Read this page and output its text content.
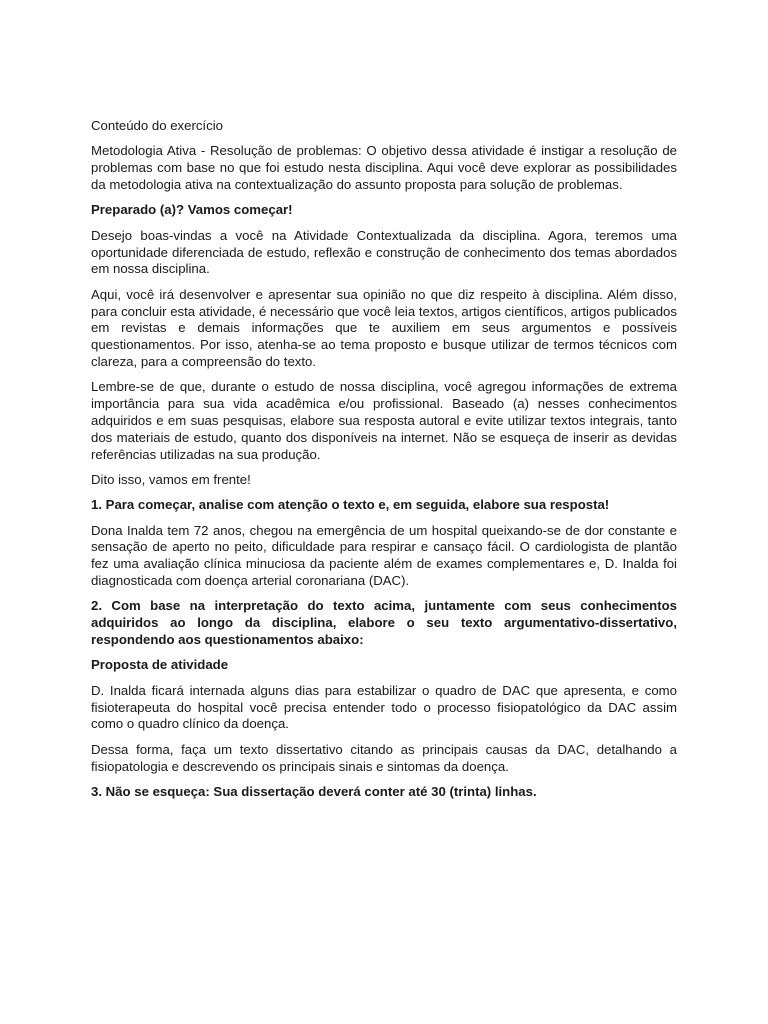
Conteúdo do exercício

Metodologia Ativa - Resolução de problemas: O objetivo dessa atividade é instigar a resolução de problemas com base no que foi estudo nesta disciplina. Aqui você deve explorar as possibilidades da metodologia ativa na contextualização do assunto proposta para solução de problemas.

Preparado (a)? Vamos começar!

Desejo boas-vindas a você na Atividade Contextualizada da disciplina. Agora, teremos uma oportunidade diferenciada de estudo, reflexão e construção de conhecimento dos temas abordados em nossa disciplina.

Aqui, você irá desenvolver e apresentar sua opinião no que diz respeito à disciplina. Além disso, para concluir esta atividade, é necessário que você leia textos, artigos científicos, artigos publicados em revistas e demais informações que te auxiliem em seus argumentos e possíveis questionamentos. Por isso, atenha-se ao tema proposto e busque utilizar de termos técnicos com clareza, para a compreensão do texto.

Lembre-se de que, durante o estudo de nossa disciplina, você agregou informações de extrema importância para sua vida acadêmica e/ou profissional. Baseado (a) nesses conhecimentos adquiridos e em suas pesquisas, elabore sua resposta autoral e evite utilizar textos integrais, tanto dos materiais de estudo, quanto dos disponíveis na internet. Não se esqueça de inserir as devidas referências utilizadas na sua produção.

Dito isso, vamos em frente!

1. Para começar, analise com atenção o texto e, em seguida, elabore sua resposta!

Dona Inalda tem 72 anos, chegou na emergência de um hospital queixando-se de dor constante e sensação de aperto no peito, dificuldade para respirar e cansaço fácil. O cardiologista de plantão fez uma avaliação clínica minuciosa da paciente além de exames complementares e, D. Inalda foi diagnosticada com doença arterial coronariana (DAC).

2. Com base na interpretação do texto acima, juntamente com seus conhecimentos adquiridos ao longo da disciplina, elabore o seu texto argumentativo-dissertativo, respondendo aos questionamentos abaixo:

Proposta de atividade

D. Inalda ficará internada alguns dias para estabilizar o quadro de DAC que apresenta, e como fisioterapeuta do hospital você precisa entender todo o processo fisiopatológico da DAC assim como o quadro clínico da doença.

Dessa forma, faça um texto dissertativo citando as principais causas da DAC, detalhando a fisiopatologia e descrevendo os principais sinais e sintomas da doença.

3. Não se esqueça: Sua dissertação deverá conter até 30 (trinta) linhas.
